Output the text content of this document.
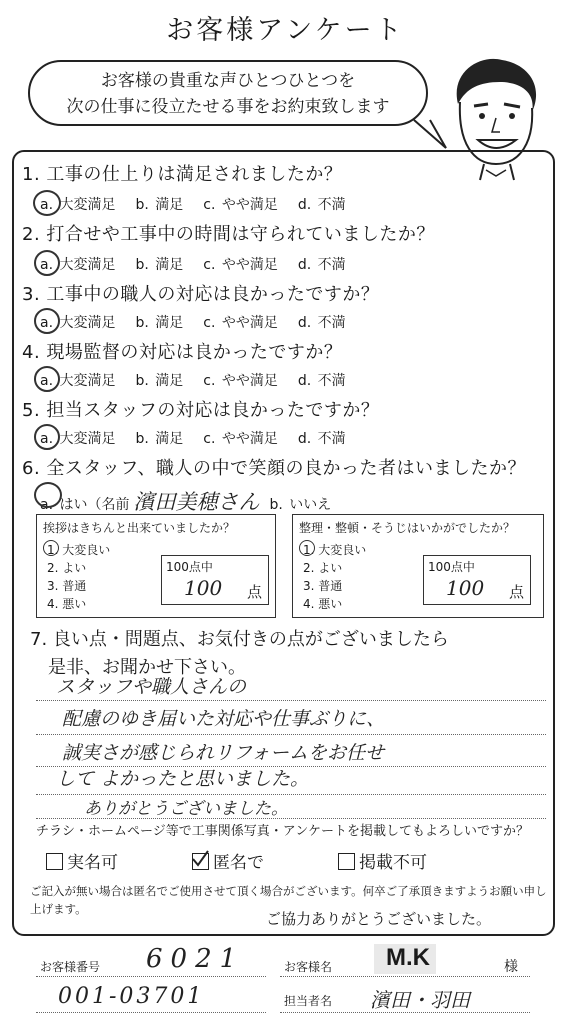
お客様アンケート
お客様の貴重な声ひとつひとつを
次の仕事に役立たせる事をお約束致します
1. 工事の仕上りは満足されましたか？
a. 大変満足 b. 満足 c. やや満足 d. 不満
2. 打合せや工事中の時間は守られていましたか？
a. 大変満足 b. 満足 c. やや満足 d. 不満
3. 工事中の職人の対応は良かったですか？
a. 大変満足 b. 満足 c. やや満足 d. 不満
4. 現場監督の対応は良かったですか？
a. 大変満足 b. 満足 c. やや満足 d. 不満
5. 担当スタッフの対応は良かったですか？
a. 大変満足 b. 満足 c. やや満足 d. 不満
6. 全スタッフ、職人の中で笑顔の良かった者はいましたか？
a. はい（名前 濱田美穂さん b. いいえ
挨拶はきちんと出来ていましたか？
1. 大変良い
2. よい
3. 普通
4. 悪い
100点中
100 点
整理・整頓・そうじはいかがでしたか？
1. 大変良い
2. よい
3. 普通
4. 悪い
100点中
100 点
7. 良い点・問題点、お気付きの点がございましたら
是非、お聞かせ下さい。
スタッフや職人さんの
配慮のゆき届いた対応や仕事ぶりに、
誠実さが感じられリフォームをお任せ
して よかったと思いました。
ありがとうございました。
チラシ・ホームページ等で工事関係写真・アンケートを掲載してもよろしいですか？
実名可	匿名で	掲載不可
ご記入が無い場合は匿名でご使用させて頂く場合がございます。何卒ご了承頂きますようお願い申し上げます。
ご協力ありがとうございました。
お客様番号 6021	お客様名 M.K	様
001-03701	担当者名 濱田・羽田
